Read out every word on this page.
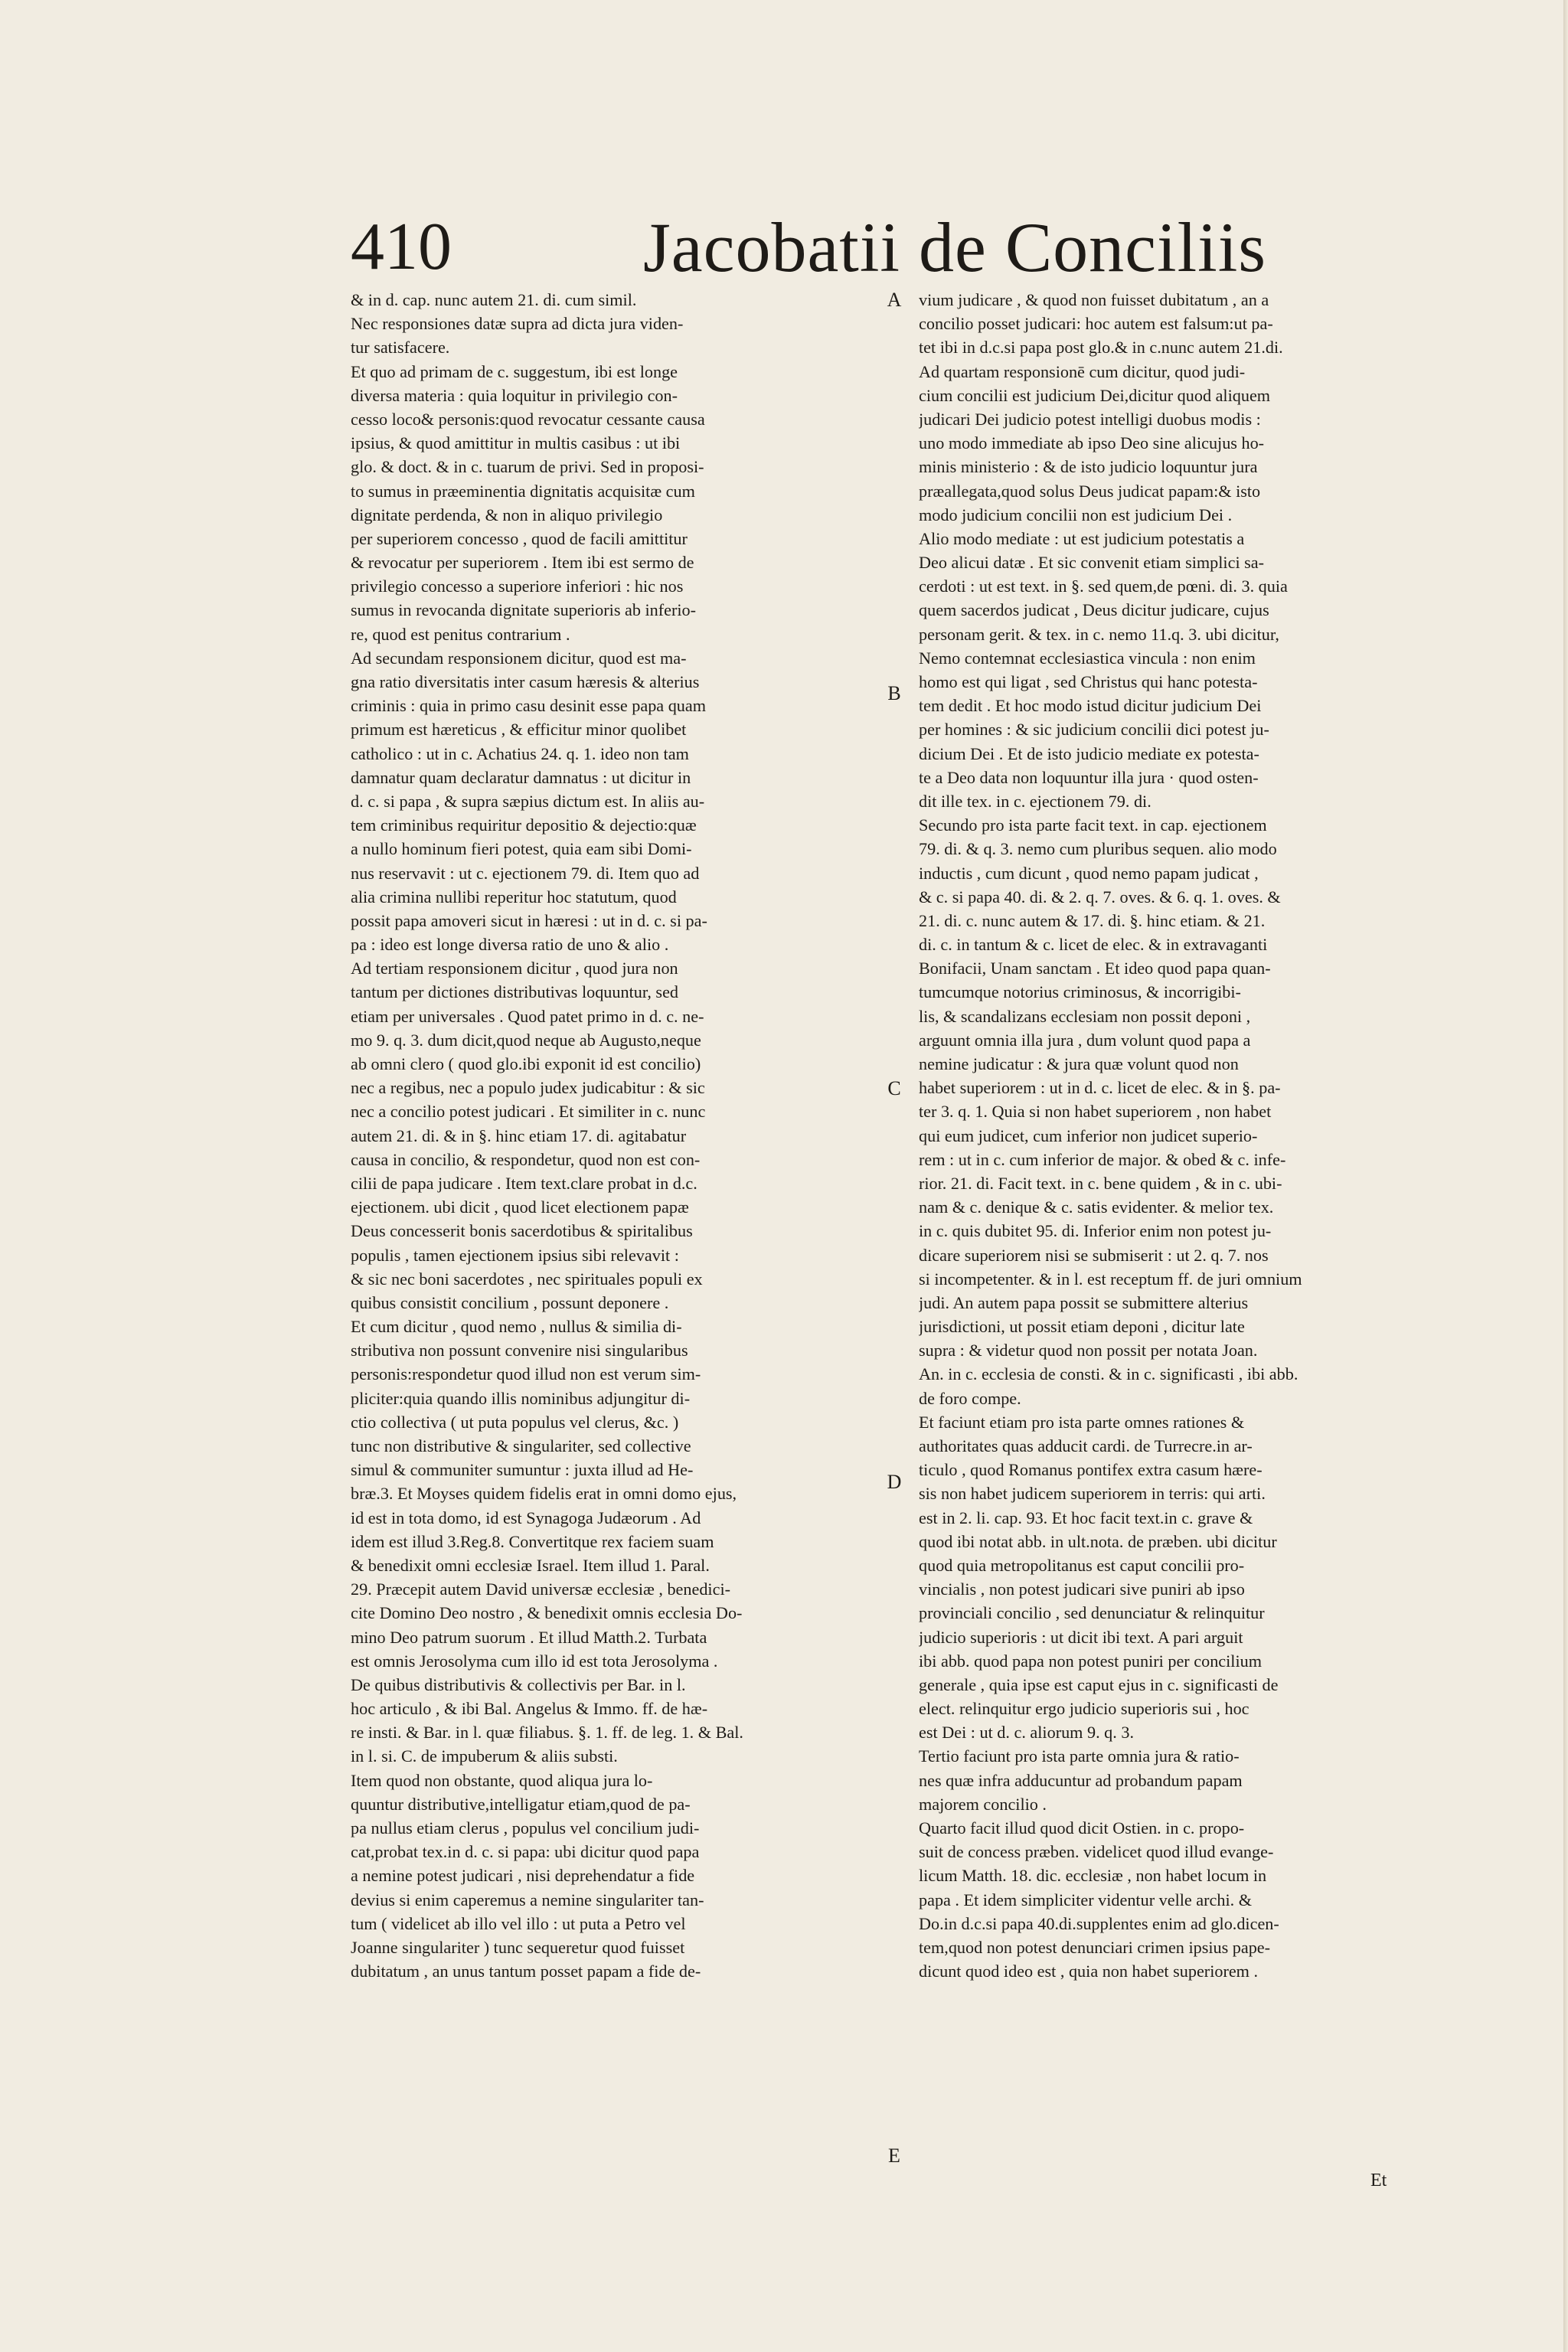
410	Jacobatii de Conciliis
& in d. cap. nunc autem 21. di. cum simil.
Nec responsiones datæ supra ad dicta jura viden-
tur satisfacere.
Et quo ad primam de c. suggestum, ibi est longe
diversa materia : quia loquitur in privilegio con-
cesso loco& personis:quod revocatur cessante causa
ipsius, & quod amittitur in multis casibus : ut ibi
glo. & doct. & in c. tuarum de privi. Sed in proposi-
to sumus in præeminentia dignitatis acquisitæ cum
dignitate perdenda, & non in aliquo privilegio
per superiorem concesso , quod de facili amittitur
& revocatur per superiorem . Item ibi est sermo de
privilegio concesso a superiore inferiori : hic nos
sumus in revocanda dignitate superioris ab inferio-
re, quod est penitus contrarium .
Ad secundam responsionem dicitur, quod est ma-
gna ratio diversitatis inter casum hæresis & alterius
criminis : quia in primo casu desinit esse papa quam
primum est hæreticus , & efficitur minor quolibet
catholico : ut in c. Achatius 24. q. 1. ideo non tam
damnatur quam declaratur damnatus : ut dicitur in
d. c. si papa , & supra sæpius dictum est. In aliis au-
tem criminibus requiritur depositio & dejectio:quæ
a nullo hominum fieri potest, quia eam sibi Domi-
nus reservavit : ut c. ejectionem 79. di. Item quo ad
alia crimina nullibi reperitur hoc statutum, quod
possit papa amoveri sicut in hæresi : ut in d. c. si pa-
pa : ideo est longe diversa ratio de uno & alio .
Ad tertiam responsionem dicitur , quod jura non
tantum per dictiones distributivas loquuntur, sed
etiam per universales . Quod patet primo in d. c. ne-
mo 9. q. 3. dum dicit,quod neque ab Augusto,neque
ab omni clero ( quod glo.ibi exponit id est concilio)
nec a regibus, nec a populo judex judicabitur : & sic
nec a concilio potest judicari . Et similiter in c. nunc
autem 21. di. & in §. hinc etiam 17. di. agitabatur
causa in concilio, & respondetur, quod non est con-
cilii de papa judicare . Item text.clare probat in d.c.
ejectionem. ubi dicit , quod licet electionem papæ
Deus concesserit bonis sacerdotibus & spiritalibus
populis , tamen ejectionem ipsius sibi relevavit :
& sic nec boni sacerdotes , nec spirituales populi ex
quibus consistit concilium , possunt deponere .
Et cum dicitur , quod nemo , nullus & similia di-
stributiva non possunt convenire nisi singularibus
personis:respondetur quod illud non est verum sim-
pliciter:quia quando illis nominibus adjungitur di-
ctio collectiva ( ut puta populus vel clerus, &c. )
tunc non distributive & singulariter, sed collective
simul & communiter sumuntur : juxta illud ad He-
bræ.3. Et Moyses quidem fidelis erat in omni domo ejus,
id est in tota domo, id est Synagoga Judæorum . Ad
idem est illud 3.Reg.8. Convertitque rex faciem suam
& benedixit omni ecclesiæ Israel. Item illud 1. Paral.
29. Præcepit autem David universæ ecclesiæ , benedici-
cite Domino Deo nostro , & benedixit omnis ecclesia Do-
mino Deo patrum suorum . Et illud Matth.2. Turbata
est omnis Jerosolyma cum illo id est tota Jerosolyma .
De quibus distributivis & collectivis per Bar. in l.
hoc articulo , & ibi Bal. Angelus & Immo. ff. de hæ-
re insti. & Bar. in l. quæ filiabus. §. 1. ff. de leg. 1. & Bal.
in l. si. C. de impuberum & aliis substi.
Item quod non obstante, quod aliqua jura lo-
quuntur distributive,intelligatur etiam,quod de pa-
pa nullus etiam clerus , populus vel concilium judi-
cat,probat tex.in d. c. si papa: ubi dicitur quod papa
a nemine potest judicari , nisi deprehendatur a fide
devius si enim caperemus a nemine singulariter tan-
tum ( videlicet ab illo vel illo : ut puta a Petro vel
Joanne singulariter ) tunc sequeretur quod fuisset
dubitatum , an unus tantum posset papam a fide de-
vium judicare , & quod non fuisset dubitatum , an a
concilio posset judicari: hoc autem est falsum:ut pa-
tet ibi in d.c.si papa post glo.& in c.nunc autem 21.di.
Ad quartam responsionē cum dicitur, quod judi-
cium concilii est judicium Dei,dicitur quod aliquem
judicari Dei judicio potest intelligi duobus modis :
uno modo immediate ab ipso Deo sine alicujus ho-
minis ministerio : & de isto judicio loquuntur jura
præallegata,quod solus Deus judicat papam:& isto
modo judicium concilii non est judicium Dei .
Alio modo mediate : ut est judicium potestatis a
Deo alicui datæ . Et sic convenit etiam simplici sa-
cerdoti : ut est text. in §. sed quem,de pœni. di. 3. quia
quem sacerdos judicat , Deus dicitur judicare, cujus
personam gerit. & tex. in c. nemo 11.q. 3. ubi dicitur,
Nemo contemnat ecclesiastica vincula : non enim
homo est qui ligat , sed Christus qui hanc potesta-
tem dedit . Et hoc modo istud dicitur judicium Dei
per homines : & sic judicium concilii dici potest ju-
dicium Dei . Et de isto judicio mediate ex potesta-
te a Deo data non loquuntur illa jura · quod osten-
dit ille tex. in c. ejectionem 79. di.
Secundo pro ista parte facit text. in cap. ejectionem
79. di. & q. 3. nemo cum pluribus sequen. alio modo
inductis , cum dicunt , quod nemo papam judicat ,
& c. si papa 40. di. & 2. q. 7. oves. & 6. q. 1. oves. &
21. di. c. nunc autem & 17. di. §. hinc etiam. & 21.
di. c. in tantum & c. licet de elec. & in extravaganti
Bonifacii, Unam sanctam . Et ideo quod papa quan-
tumcumque notorius criminosus, & incorrigibi-
lis, & scandalizans ecclesiam non possit deponi ,
arguunt omnia illa jura , dum volunt quod papa a
nemine judicatur : & jura quæ volunt quod non
habet superiorem : ut in d. c. licet de elec. & in §. pa-
ter 3. q. 1. Quia si non habet superiorem , non habet
qui eum judicet, cum inferior non judicet superio-
rem : ut in c. cum inferior de major. & obed & c. infe-
rior. 21. di. Facit text. in c. bene quidem , & in c. ubi-
nam & c. denique & c. satis evidenter. & melior tex.
in c. quis dubitet 95. di. Inferior enim non potest ju-
dicare superiorem nisi se submiserit : ut 2. q. 7. nos
si incompetenter. & in l. est receptum ff. de juri omnium
judi. An autem papa possit se submittere alterius
jurisdictioni, ut possit etiam deponi , dicitur late
supra : & videtur quod non possit per notata Joan.
An. in c. ecclesia de consti. & in c. significasti , ibi abb.
de foro compe.
Et faciunt etiam pro ista parte omnes rationes &
authoritates quas adducit cardi. de Turrecre.in ar-
ticulo , quod Romanus pontifex extra casum hære-
sis non habet judicem superiorem in terris: qui arti.
est in 2. li. cap. 93. Et hoc facit text.in c. grave &
quod ibi notat abb. in ult.nota. de præben. ubi dicitur
quod quia metropolitanus est caput concilii pro-
vincialis , non potest judicari sive puniri ab ipso
provinciali concilio , sed denunciatur & relinquitur
judicio superioris : ut dicit ibi text. A pari arguit
ibi abb. quod papa non potest puniri per concilium
generale , quia ipse est caput ejus in c. significasti de
elect. relinquitur ergo judicio superioris sui , hoc
est Dei : ut d. c. aliorum 9. q. 3.
Tertio faciunt pro ista parte omnia jura & ratio-
nes quæ infra adducuntur ad probandum papam
majorem concilio .
Quarto facit illud quod dicit Ostien. in c. propo-
suit de concess præben. videlicet quod illud evange-
licum Matth. 18. dic. ecclesiæ , non habet locum in
papa . Et idem simpliciter videntur velle archi. &
Do.in d.c.si papa 40.di.supplentes enim ad glo.dicen-
tem,quod non potest denunciari crimen ipsius pape-
dicunt quod ideo est , quia non habet superiorem .
A
B
C
D
E
Et
